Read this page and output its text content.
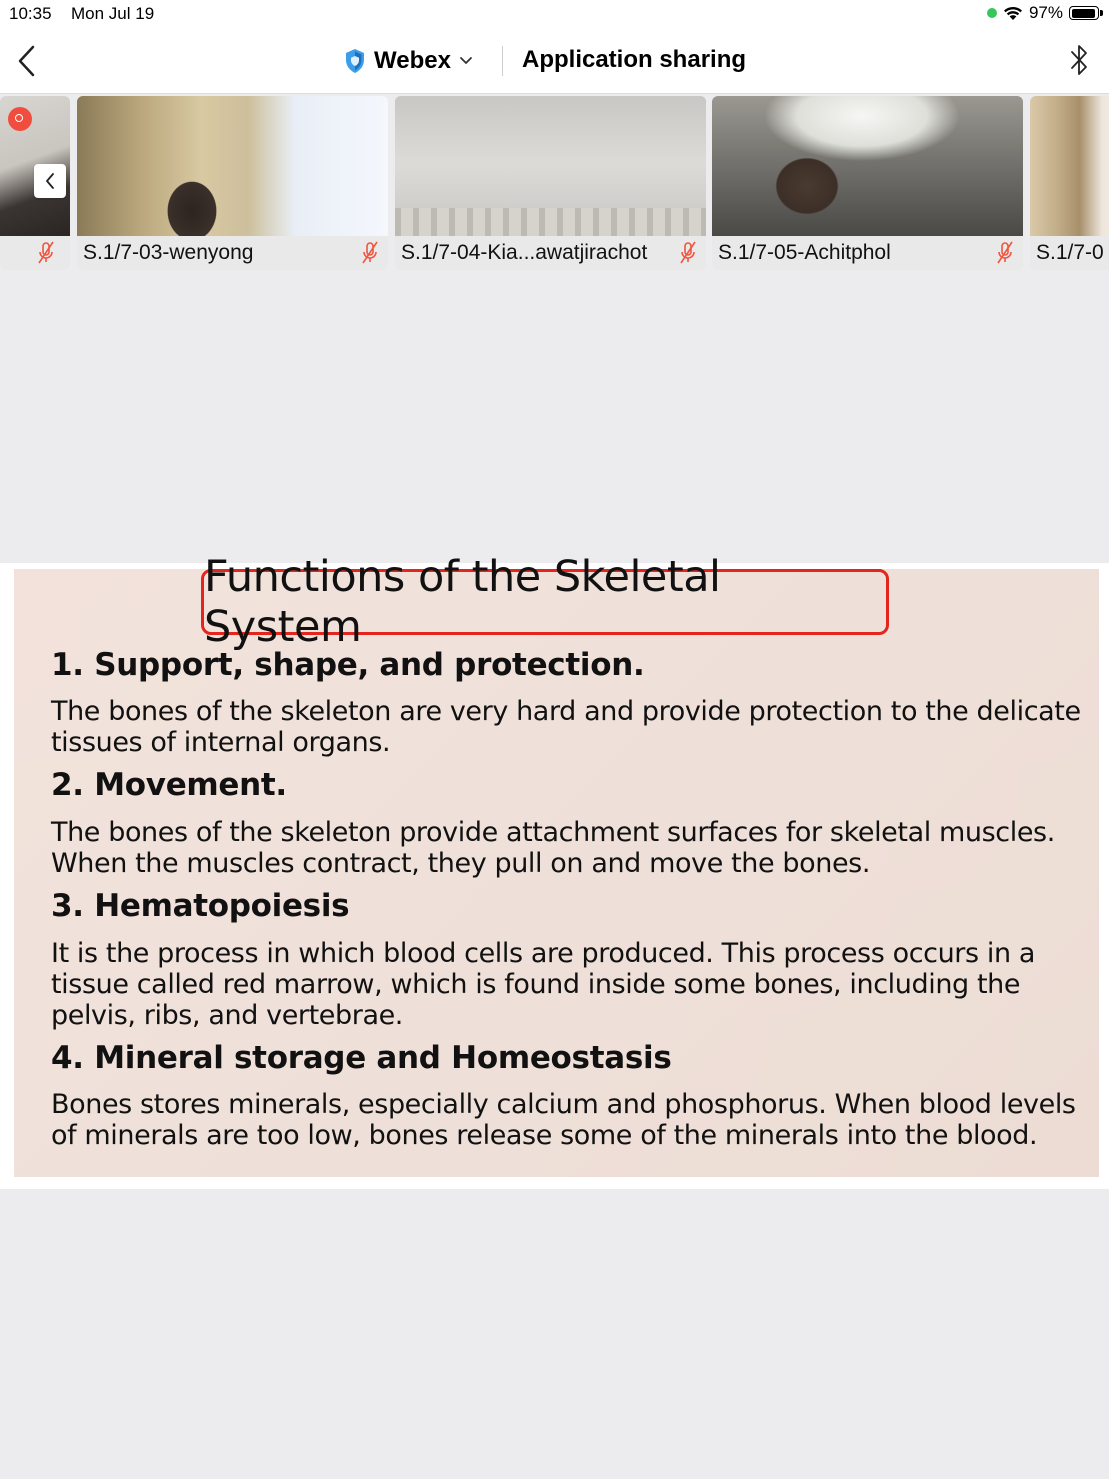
10:35 Mon Jul 19	97%
Webex	Application sharing
S.1/7-03-wenyong	S.1/7-04-Kia...awatjirachot	S.1/7-05-Achitphol	S.1/7-0
Functions of the Skeletal System
1. Support, shape, and protection.
The bones of the skeleton are very hard and provide protection to the delicate tissues of internal organs.
2. Movement.
The bones of the skeleton provide attachment surfaces for skeletal muscles. When the muscles contract, they pull on and move the bones.
3. Hematopoiesis
It is the process in which blood cells are produced. This process occurs in a tissue called red marrow, which is found inside some bones, including the pelvis, ribs, and vertebrae.
4. Mineral storage and Homeostasis
Bones stores minerals, especially calcium and phosphorus. When blood levels of minerals are too low, bones release some of the minerals into the blood.
